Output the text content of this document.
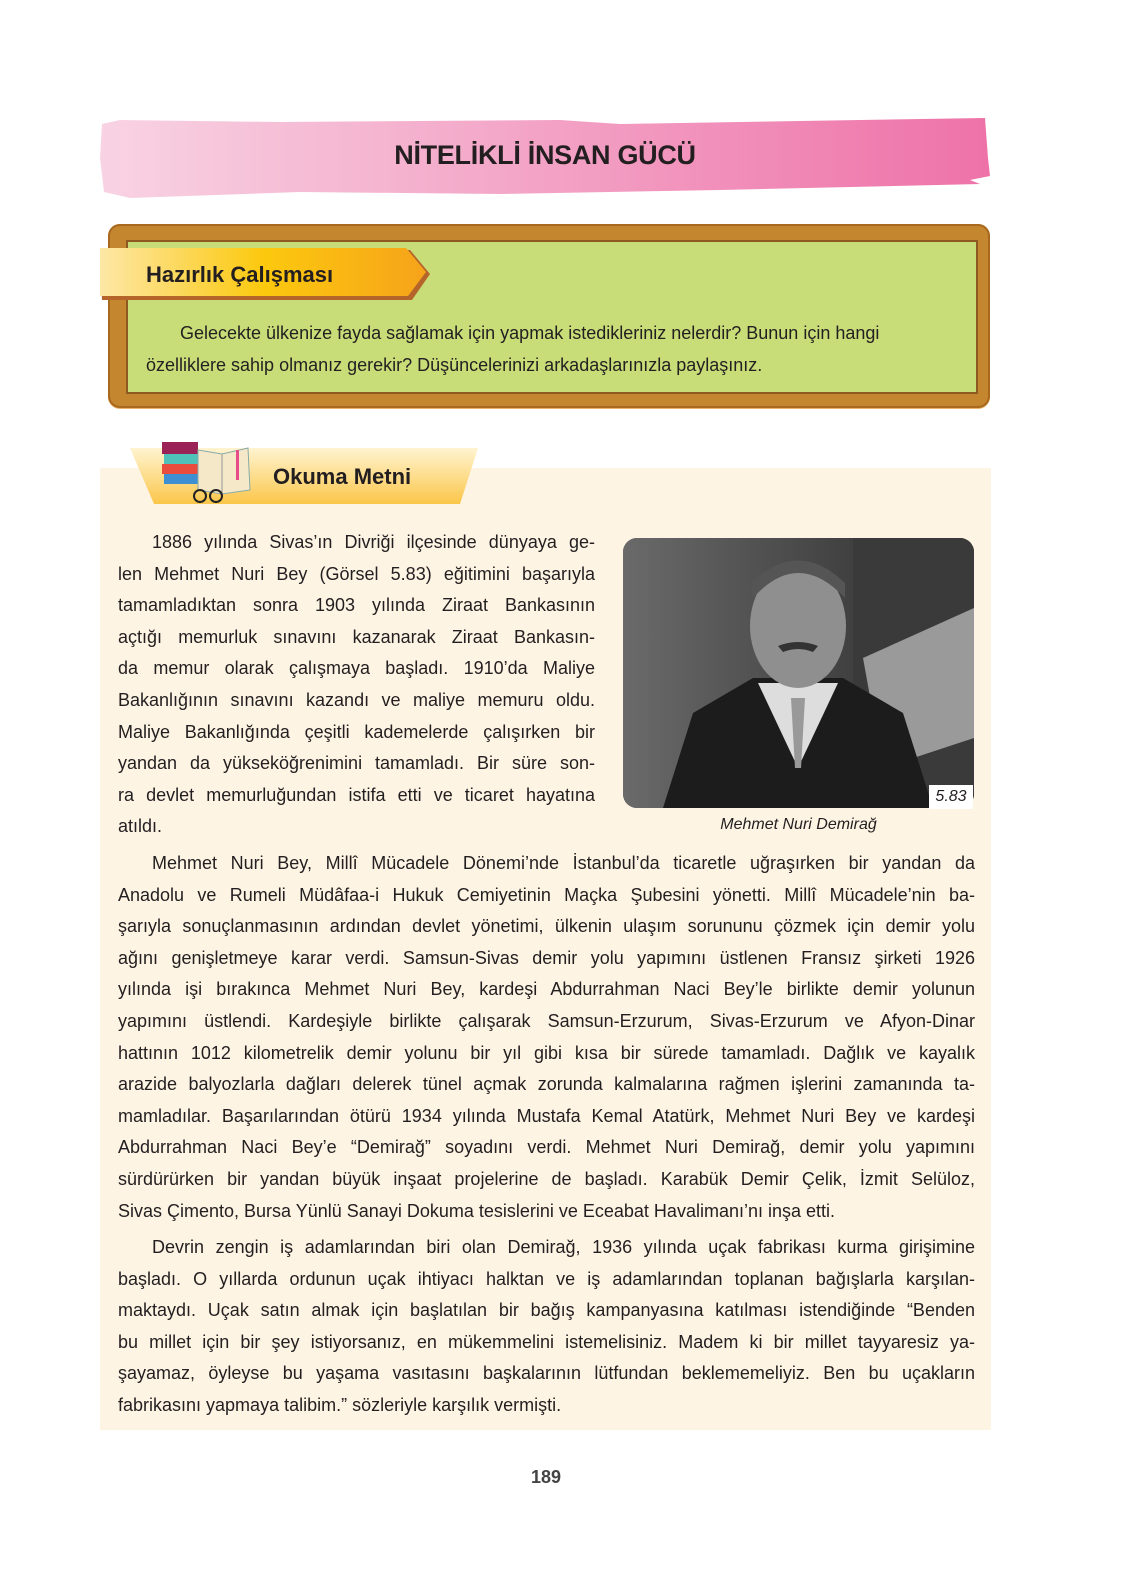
NİTELİKLİ İNSAN GÜCÜ
Hazırlık Çalışması
Gelecekte ülkenize fayda sağlamak için yapmak istedikleriniz nelerdir? Bunun için hangi
özelliklere sahip olmanız gerekir? Düşüncelerinizi arkadaşlarınızla paylaşınız.
Okuma Metni
1886 yılında Sivas’ın Divriği ilçesinde dünyaya ge-
len Mehmet Nuri Bey (Görsel 5.83) eğitimini başarıyla
tamamladıktan sonra 1903 yılında Ziraat Bankasının
açtığı memurluk sınavını kazanarak Ziraat Bankasın-
da memur olarak çalışmaya başladı. 1910’da Maliye
Bakanlığının sınavını kazandı ve maliye memuru oldu.
Maliye Bakanlığında çeşitli kademelerde çalışırken bir
yandan da yükseköğrenimini tamamladı. Bir süre son-
ra devlet memurluğundan istifa etti ve ticaret hayatına
atıldı.
Mehmet Nuri Bey, Millî Mücadele Dönemi’nde İstanbul’da ticaretle uğraşırken bir yandan da
Anadolu ve Rumeli Müdâfaa-i Hukuk Cemiyetinin Maçka Şubesini yönetti. Millî Mücadele’nin ba-
şarıyla sonuçlanmasının ardından devlet yönetimi, ülkenin ulaşım sorununu çözmek için demir yolu
ağını genişletmeye karar verdi. Samsun-Sivas demir yolu yapımını üstlenen Fransız şirketi 1926
yılında işi bırakınca Mehmet Nuri Bey, kardeşi Abdurrahman Naci Bey’le birlikte demir yolunun
yapımını üstlendi. Kardeşiyle birlikte çalışarak Samsun-Erzurum, Sivas-Erzurum ve Afyon-Dinar
hattının 1012 kilometrelik demir yolunu bir yıl gibi kısa bir sürede tamamladı. Dağlık ve kayalık
arazide balyozlarla dağları delerek tünel açmak zorunda kalmalarına rağmen işlerini zamanında ta-
mamladılar. Başarılarından ötürü 1934 yılında Mustafa Kemal Atatürk, Mehmet Nuri Bey ve kardeşi
Abdurrahman Naci Bey’e “Demirağ” soyadını verdi. Mehmet Nuri Demirağ, demir yolu yapımını
sürdürürken bir yandan büyük inşaat projelerine de başladı. Karabük Demir Çelik, İzmit Selüloz,
Sivas Çimento, Bursa Yünlü Sanayi Dokuma tesislerini ve Eceabat Havalimanı’nı inşa etti.
Devrin zengin iş adamlarından biri olan Demirağ, 1936 yılında uçak fabrikası kurma girişimine
başladı. O yıllarda ordunun uçak ihtiyacı halktan ve iş adamlarından toplanan bağışlarla karşılan-
maktaydı. Uçak satın almak için başlatılan bir bağış kampanyasına katılması istendiğinde “Benden
bu millet için bir şey istiyorsanız, en mükemmelini istemelisiniz. Madem ki bir millet tayyaresiz ya-
şayamaz, öyleyse bu yaşama vasıtasını başkalarının lütfundan beklememeliyiz. Ben bu uçakların
fabrikasını yapmaya talibim.” sözleriyle karşılık vermişti.
5.83
Mehmet Nuri Demirağ
189
